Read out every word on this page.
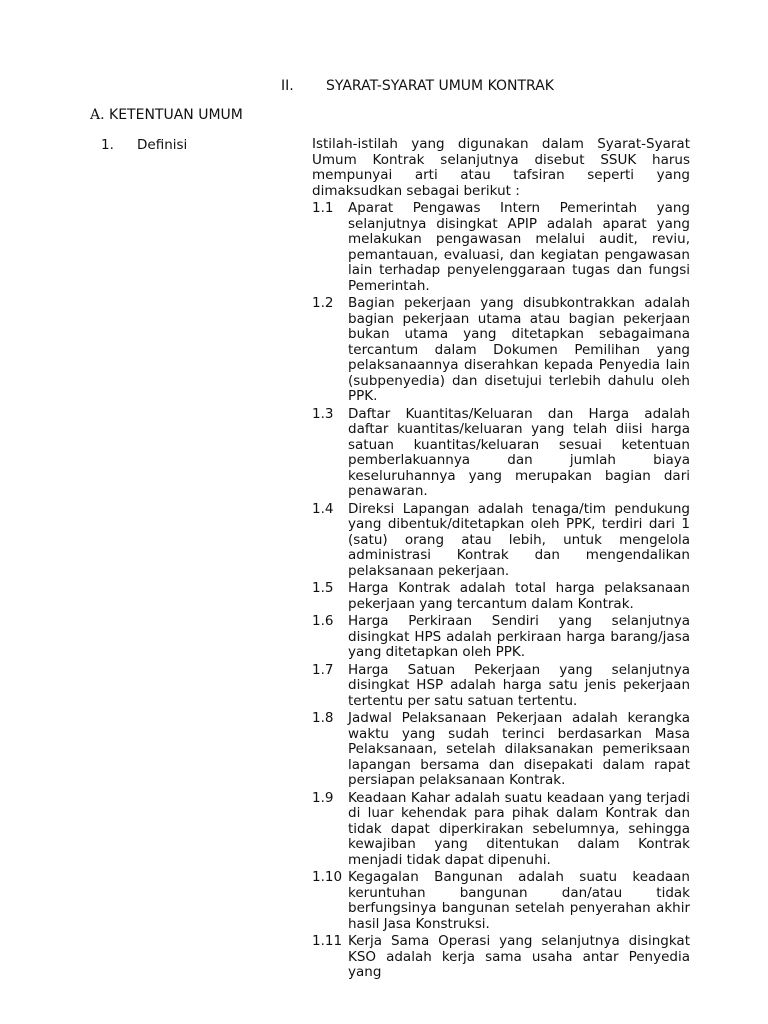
II. SYARAT-SYARAT UMUM KONTRAK
A. KETENTUAN UMUM
1. Definisi	Istilah-istilah yang digunakan dalam Syarat-Syarat Umum Kontrak selanjutnya disebut SSUK harus mempunyai arti atau tafsiran seperti yang dimaksudkan sebagai berikut :

1.1	Aparat Pengawas Intern Pemerintah yang selanjutnya disingkat APIP adalah aparat yang melakukan pengawasan melalui audit, reviu, pemantauan, evaluasi, dan kegiatan pengawasan lain terhadap penyelenggaraan tugas dan fungsi Pemerintah.
1.2	Bagian pekerjaan yang disubkontrakkan adalah bagian pekerjaan utama atau bagian pekerjaan bukan utama yang ditetapkan sebagaimana tercantum dalam Dokumen Pemilihan yang pelaksanaannya diserahkan kepada Penyedia lain (subpenyedia) dan disetujui terlebih dahulu oleh PPK.
1.3	Daftar Kuantitas/Keluaran dan Harga adalah daftar kuantitas/keluaran yang telah diisi harga satuan kuantitas/keluaran sesuai ketentuan pemberlakuannya dan jumlah biaya keseluruhannya yang merupakan bagian dari penawaran.
1.4	Direksi Lapangan adalah tenaga/tim pendukung yang dibentuk/ditetapkan oleh PPK, terdiri dari 1 (satu) orang atau lebih, untuk mengelola administrasi Kontrak dan mengendalikan pelaksanaan pekerjaan.
1.5	Harga Kontrak adalah total harga pelaksanaan pekerjaan yang tercantum dalam Kontrak.
1.6	Harga Perkiraan Sendiri yang selanjutnya disingkat HPS adalah perkiraan harga barang/jasa yang ditetapkan oleh PPK.
1.7	Harga Satuan Pekerjaan yang selanjutnya disingkat HSP adalah harga satu jenis pekerjaan tertentu per satu satuan tertentu.
1.8	Jadwal Pelaksanaan Pekerjaan adalah kerangka waktu yang sudah terinci berdasarkan Masa Pelaksanaan, setelah dilaksanakan pemeriksaan lapangan bersama dan disepakati dalam rapat persiapan pelaksanaan Kontrak.
1.9	Keadaan Kahar adalah suatu keadaan yang terjadi di luar kehendak para pihak dalam Kontrak dan tidak dapat diperkirakan sebelumnya, sehingga kewajiban yang ditentukan dalam Kontrak menjadi tidak dapat dipenuhi.
1.10 Kegagalan Bangunan adalah suatu keadaan keruntuhan bangunan dan/atau tidak berfungsinya bangunan setelah penyerahan akhir hasil Jasa Konstruksi.
1.11 Kerja Sama Operasi yang selanjutnya disingkat KSO adalah kerja sama usaha antar Penyedia yang
